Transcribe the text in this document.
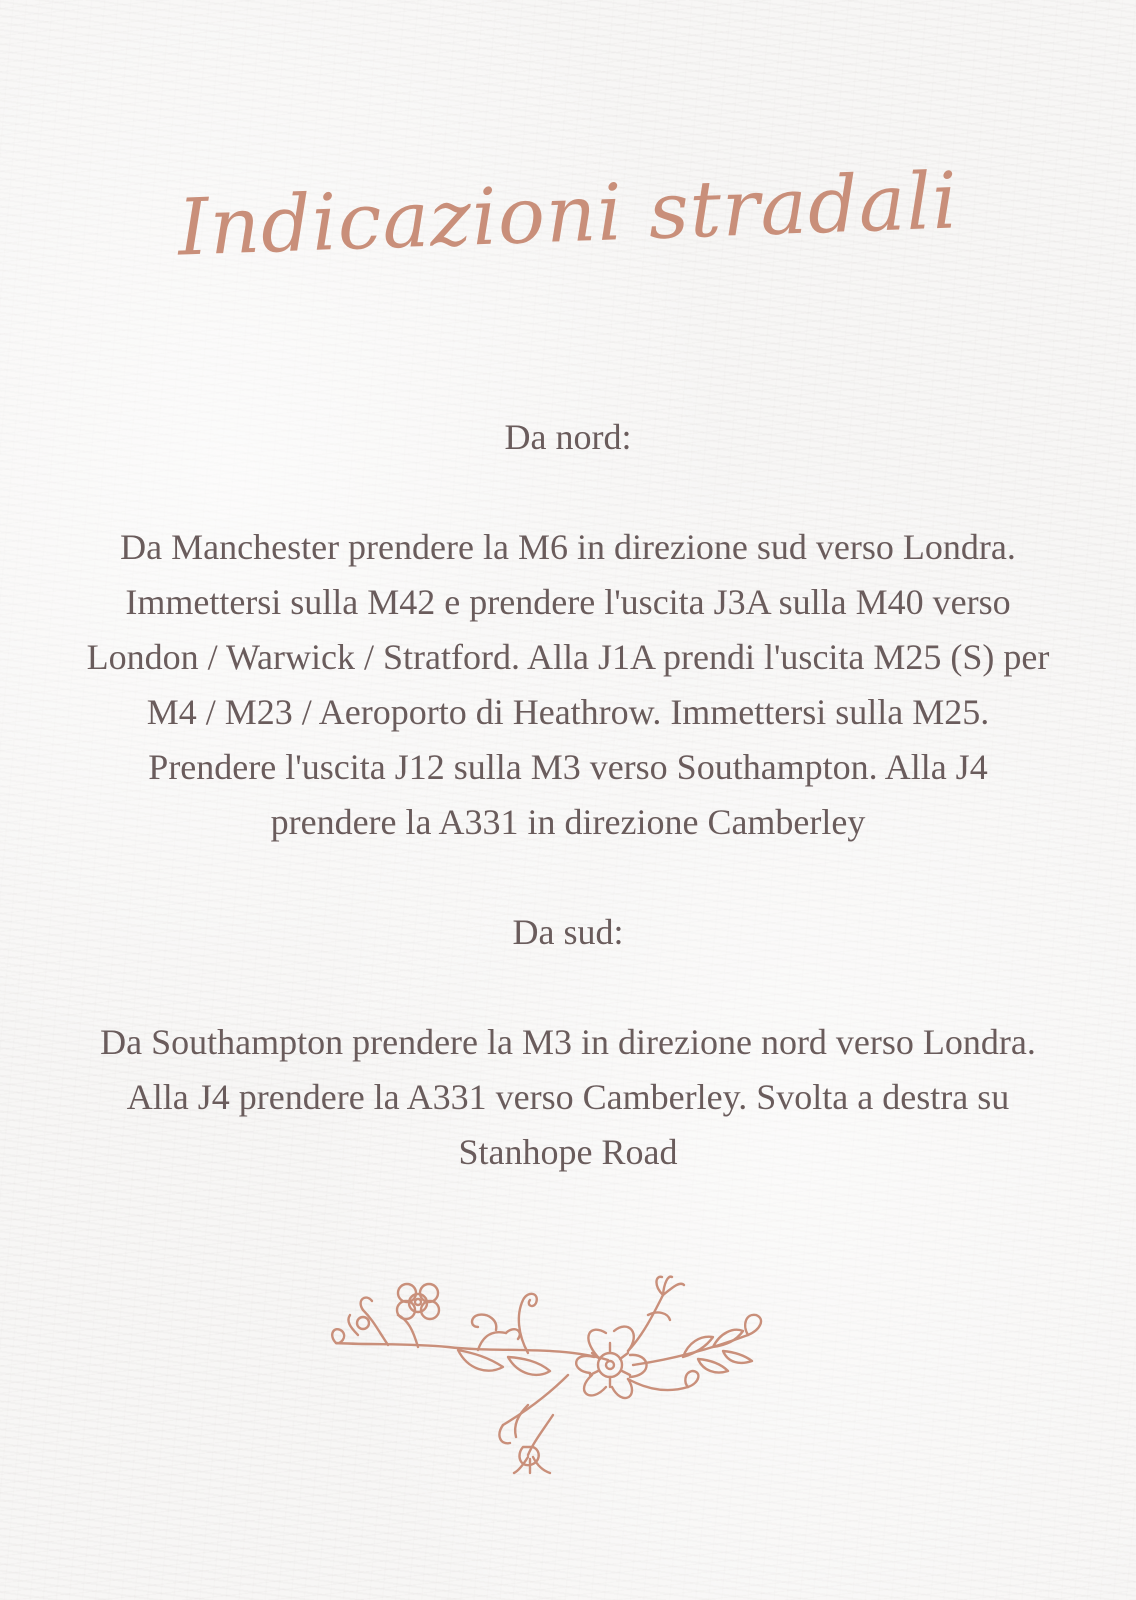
Indicazioni stradali
Da nord:

Da Manchester prendere la M6 in direzione sud verso Londra. Immettersi sulla M42 e prendere l'uscita J3A sulla M40 verso London / Warwick / Stratford. Alla J1A prendi l'uscita M25 (S) per M4 / M23 / Aeroporto di Heathrow. Immettersi sulla M25. Prendere l'uscita J12 sulla M3 verso Southampton. Alla J4 prendere la A331 in direzione Camberley

Da sud:

Da Southampton prendere la M3 in direzione nord verso Londra. Alla J4 prendere la A331 verso Camberley. Svolta a destra su Stanhope Road
